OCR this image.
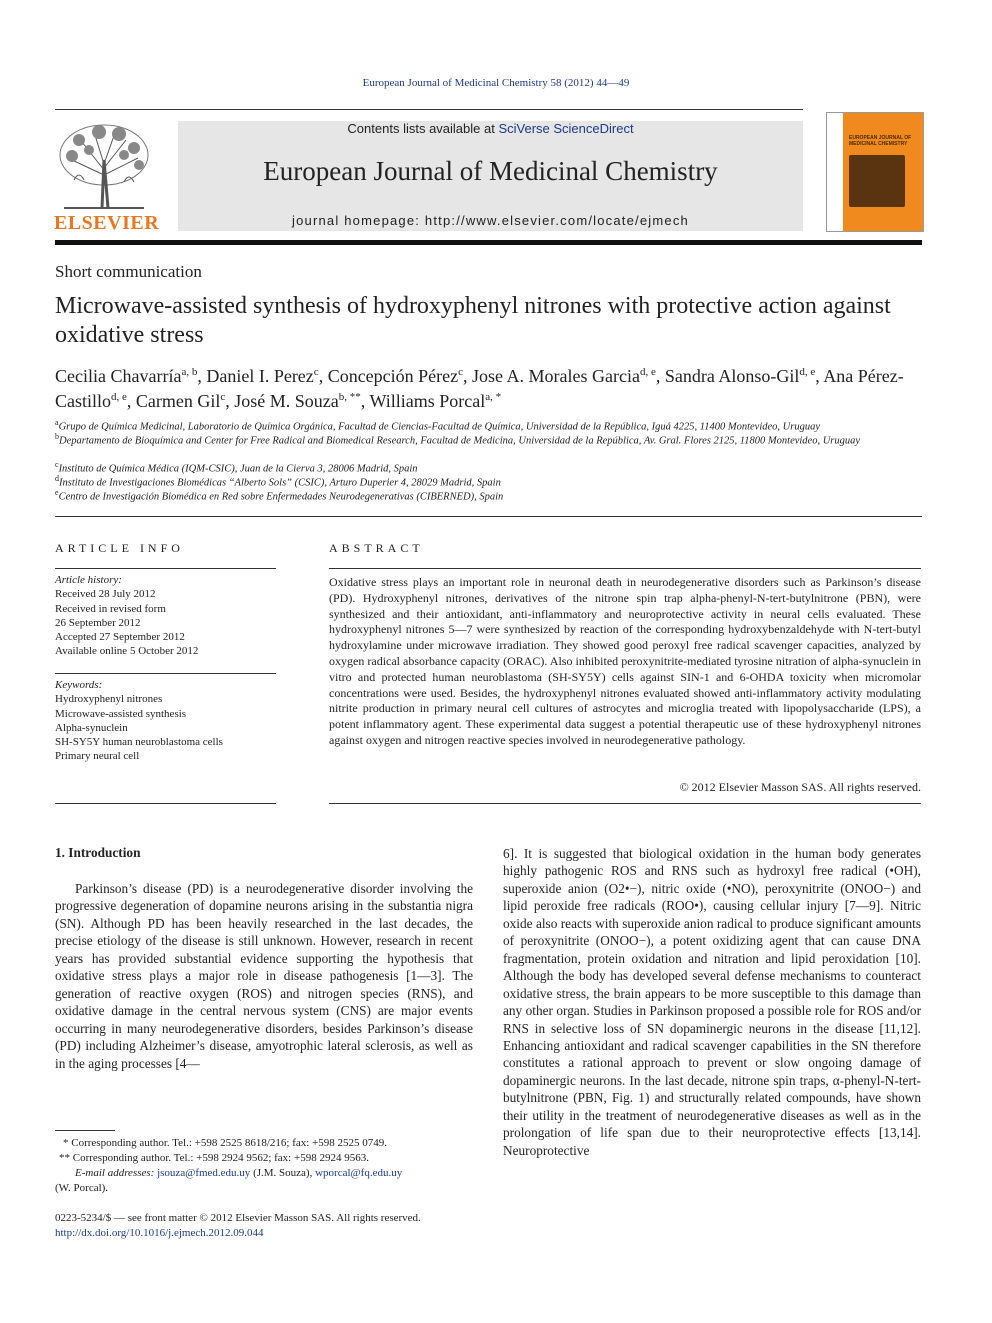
European Journal of Medicinal Chemistry 58 (2012) 44—49
ELSEVIER
Contents lists available at SciVerse ScienceDirect
European Journal of Medicinal Chemistry
journal homepage: http://www.elsevier.com/locate/ejmech
EUROPEAN JOURNAL OF MEDICINAL CHEMISTRY
Short communication
Microwave-assisted synthesis of hydroxyphenyl nitrones with protective action against oxidative stress
Cecilia Chavarría$^{a, b}$, Daniel I. Perez$^c$, Concepción Pérez$^c$, Jose A. Morales Garcia$^{d, e}$, Sandra Alonso-Gil$^{d, e}$, Ana Pérez-Castillo$^{d, e}$, Carmen Gil$^c$, José M. Souza$^{b, **}$, Williams Porcal$^{a, *}$
$^a$Grupo de Química Medicinal, Laboratorio de Química Orgánica, Facultad de Ciencias-Facultad de Química, Universidad de la República, Iguá 4225, 11400 Montevideo, Uruguay
$^b$Departamento de Bioquímica and Center for Free Radical and Biomedical Research, Facultad de Medicina, Universidad de la República, Av. Gral. Flores 2125, 11800 Montevideo, Uruguay
$^c$Instituto de Química Médica (IQM-CSIC), Juan de la Cierva 3, 28006 Madrid, Spain
$^d$Instituto de Investigaciones Biomédicas “Alberto Sols” (CSIC), Arturo Duperier 4, 28029 Madrid, Spain
$^e$Centro de Investigación Biomédica en Red sobre Enfermedades Neurodegenerativas (CIBERNED), Spain
ARTICLE INFO
Article history:
Received 28 July 2012
Received in revised form
26 September 2012
Accepted 27 September 2012
Available online 5 October 2012
Keywords:
Hydroxyphenyl nitrones
Microwave-assisted synthesis
Alpha-synuclein
SH-SY5Y human neuroblastoma cells
Primary neural cell
ABSTRACT
Oxidative stress plays an important role in neuronal death in neurodegenerative disorders such as Parkinson’s disease (PD). Hydroxyphenyl nitrones, derivatives of the nitrone spin trap alpha-phenyl-N-tert-butylnitrone (PBN), were synthesized and their antioxidant, anti-inflammatory and neuroprotective activity in neural cells evaluated. These hydroxyphenyl nitrones 5—7 were synthesized by reaction of the corresponding hydroxybenzaldehyde with N-tert-butyl hydroxylamine under microwave irradiation. They showed good peroxyl free radical scavenger capacities, analyzed by oxygen radical absorbance capacity (ORAC). Also inhibited peroxynitrite-mediated tyrosine nitration of alpha-synuclein in vitro and protected human neuroblastoma (SH-SY5Y) cells against SIN-1 and 6-OHDA toxicity when micromolar concentrations were used. Besides, the hydroxyphenyl nitrones evaluated showed anti-inflammatory activity modulating nitrite production in primary neural cell cultures of astrocytes and microglia treated with lipopolysaccharide (LPS), a potent inflammatory agent. These experimental data suggest a potential therapeutic use of these hydroxyphenyl nitrones against oxygen and nitrogen reactive species involved in neurodegenerative pathology.
© 2012 Elsevier Masson SAS. All rights reserved.
1. Introduction
Parkinson’s disease (PD) is a neurodegenerative disorder involving the progressive degeneration of dopamine neurons arising in the substantia nigra (SN). Although PD has been heavily researched in the last decades, the precise etiology of the disease is still unknown. However, research in recent years has provided substantial evidence supporting the hypothesis that oxidative stress plays a major role in disease pathogenesis [1—3]. The generation of reactive oxygen (ROS) and nitrogen species (RNS), and oxidative damage in the central nervous system (CNS) are major events occurring in many neurodegenerative disorders, besides Parkinson’s disease (PD) including Alzheimer’s disease, amyotrophic lateral sclerosis, as well as in the aging processes [4—
6]. It is suggested that biological oxidation in the human body generates highly pathogenic ROS and RNS such as hydroxyl free radical (•OH), superoxide anion (O2•−), nitric oxide (•NO), peroxynitrite (ONOO−) and lipid peroxide free radicals (ROO•), causing cellular injury [7—9]. Nitric oxide also reacts with superoxide anion radical to produce significant amounts of peroxynitrite (ONOO−), a potent oxidizing agent that can cause DNA fragmentation, protein oxidation and nitration and lipid peroxidation [10]. Although the body has developed several defense mechanisms to counteract oxidative stress, the brain appears to be more susceptible to this damage than any other organ. Studies in Parkinson proposed a possible role for ROS and/or RNS in selective loss of SN dopaminergic neurons in the disease [11,12]. Enhancing antioxidant and radical scavenger capabilities in the SN therefore constitutes a rational approach to prevent or slow ongoing damage of dopaminergic neurons. In the last decade, nitrone spin traps, α-phenyl-N-tert-butylnitrone (PBN, Fig. 1) and structurally related compounds, have shown their utility in the treatment of neurodegenerative diseases as well as in the prolongation of life span due to their neuroprotective effects [13,14]. Neuroprotective
* Corresponding author. Tel.: +598 2525 8618/216; fax: +598 2525 0749.
** Corresponding author. Tel.: +598 2924 9562; fax: +598 2924 9563.
E-mail addresses: jsouza@fmed.edu.uy (J.M. Souza), wporcal@fq.edu.uy
(W. Porcal).
0223-5234/$ — see front matter © 2012 Elsevier Masson SAS. All rights reserved.
http://dx.doi.org/10.1016/j.ejmech.2012.09.044
